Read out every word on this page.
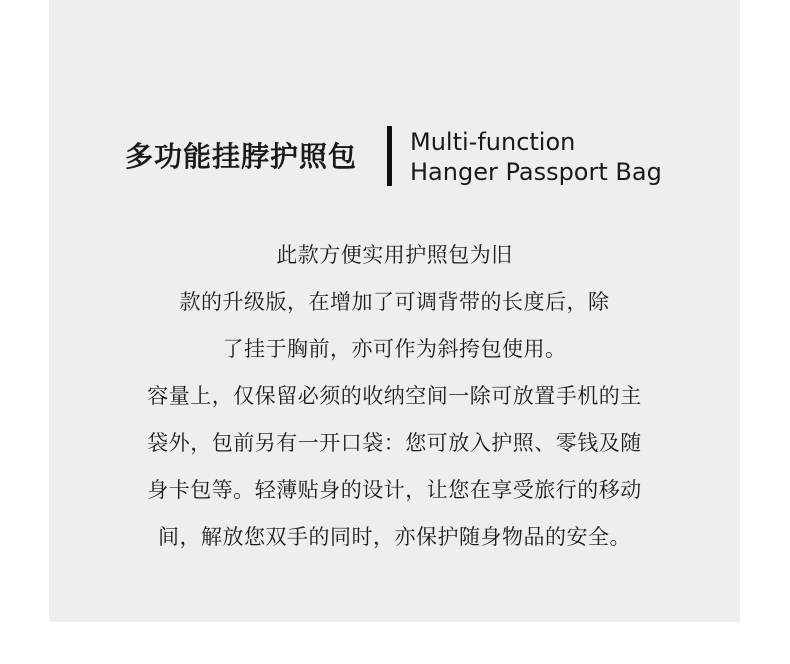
多功能挂脖护照包 Multi-function
Hanger Passport Bag
此款方便实用护照包为旧
款的升级版，在增加了可调背带的长度后，除
了挂于胸前，亦可作为斜挎包使用。
容量上，仅保留必须的收纳空间一除可放置手机的主
袋外，包前另有一开口袋：您可放入护照、零钱及随
身卡包等。轻薄贴身的设计，让您在享受旅行的移动
间，解放您双手的同时，亦保护随身物品的安全。
